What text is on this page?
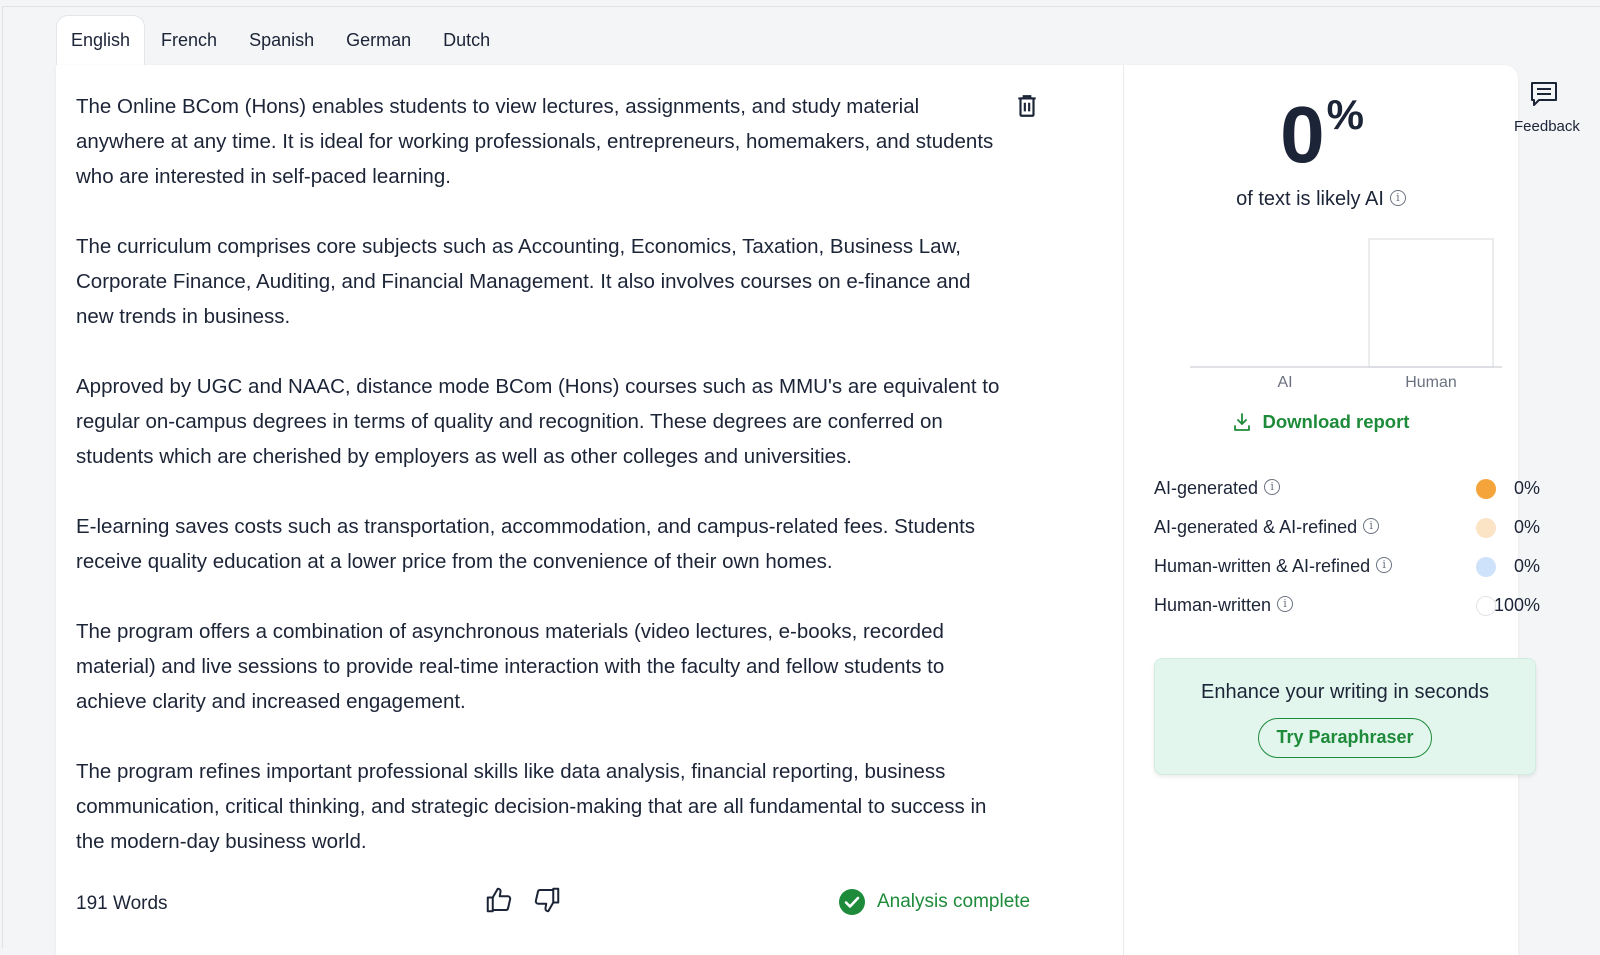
English	French	Spanish	German	Dutch

The Online BCom (Hons) enables students to view lectures, assignments, and study material anywhere at any time. It is ideal for working professionals, entrepreneurs, homemakers, and students who are interested in self-paced learning.

The curriculum comprises core subjects such as Accounting, Economics, Taxation, Business Law, Corporate Finance, Auditing, and Financial Management. It also involves courses on e-finance and new trends in business.

Approved by UGC and NAAC, distance mode BCom (Hons) courses such as MMU's are equivalent to regular on-campus degrees in terms of quality and recognition. These degrees are conferred on students which are cherished by employers as well as other colleges and universities.

E-learning saves costs such as transportation, accommodation, and campus-related fees. Students receive quality education at a lower price from the convenience of their own homes.

The program offers a combination of asynchronous materials (video lectures, e-books, recorded material) and live sessions to provide real-time interaction with the faculty and fellow students to achieve clarity and increased engagement.

The program refines important professional skills like data analysis, financial reporting, business communication, critical thinking, and strategic decision-making that are all fundamental to success in the modern-day business world.

191 Words	Analysis complete
0%
of text is likely AI i
AI	Human
Download report
AI-generated i	0%
AI-generated & AI-refined i	0%
Human-written & AI-refined i	0%
Human-written i	100%
Enhance your writing in seconds
Try Paraphraser
Feedback
